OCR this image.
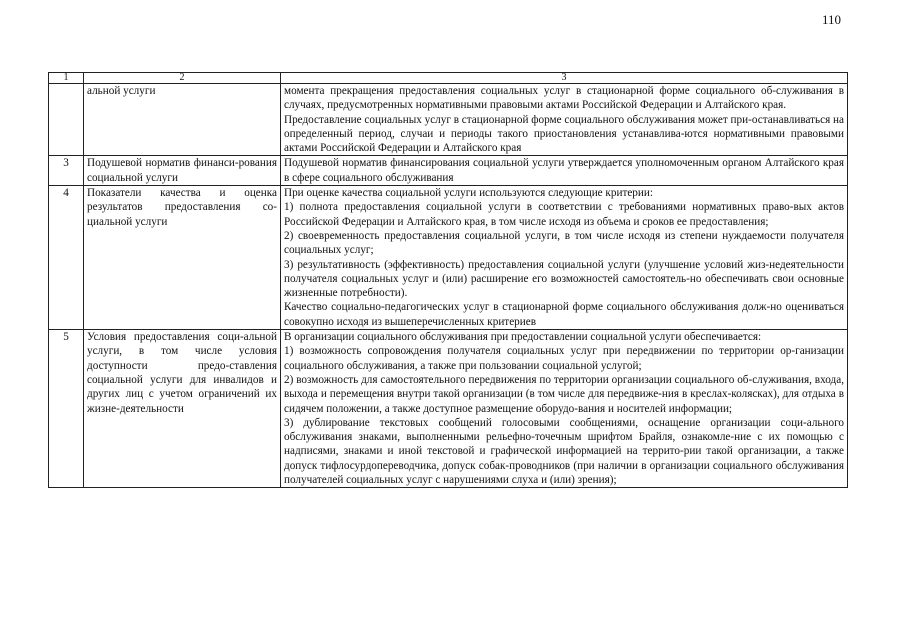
110
1	2	3
	альной услуги	момента прекращения предоставления социальных услуг в стационарной форме социального об-служивания в случаях, предусмотренных нормативными правовыми актами Российской Федерации и Алтайского края.
Предоставление социальных услуг в стационарной форме социального обслуживания может при-останавливаться на определенный период, случаи и периоды такого приостановления устанавлива-ются нормативными правовыми актами Российской Федерации и Алтайского края

3	Подушевой норматив финанси-рования социальной услуги	Подушевой норматив финансирования социальной услуги утверждается уполномоченным органом Алтайского края в сфере социального обслуживания

4	Показатели качества и оценка результатов предоставления со-циальной услуги	При оценке качества социальной услуги используются следующие критерии:
1) полнота предоставления социальной услуги в соответствии с требованиями нормативных право-вых актов Российской Федерации и Алтайского края, в том числе исходя из объема и сроков ее предоставления;
2) своевременность предоставления социальной услуги, в том числе исходя из степени нуждаемости получателя социальных услуг;
3) результативность (эффективность) предоставления социальной услуги (улучшение условий жиз-недеятельности получателя социальных услуг и (или) расширение его возможностей самостоятель-но обеспечивать свои основные жизненные потребности).
Качество социально-педагогических услуг в стационарной форме социального обслуживания долж-но оцениваться совокупно исходя из вышеперечисленных критериев

5	Условия предоставления соци-альной услуги, в том числе условия доступности предо-ставления социальной услуги для инвалидов и других лиц с учетом ограничений их жизне-деятельности	В организации социального обслуживания при предоставлении социальной услуги обеспечивается:
1) возможность сопровождения получателя социальных услуг при передвижении по территории ор-ганизации социального обслуживания, а также при пользовании социальной услугой;
2) возможность для самостоятельного передвижения по территории организации социального об-служивания, входа, выхода и перемещения внутри такой организации (в том числе для передвиже-ния в креслах-колясках), для отдыха в сидячем положении, а также доступное размещение оборудо-вания и носителей информации;
3) дублирование текстовых сообщений голосовыми сообщениями, оснащение организации соци-ального обслуживания знаками, выполненными рельефно-точечным шрифтом Брайля, ознакомле-ние с их помощью с надписями, знаками и иной текстовой и графической информацией на террито-рии такой организации, а также допуск тифлосурдопереводчика, допуск собак-проводников (при наличии в организации социального обслуживания получателей социальных услуг с нарушениями слуха и (или) зрения);
